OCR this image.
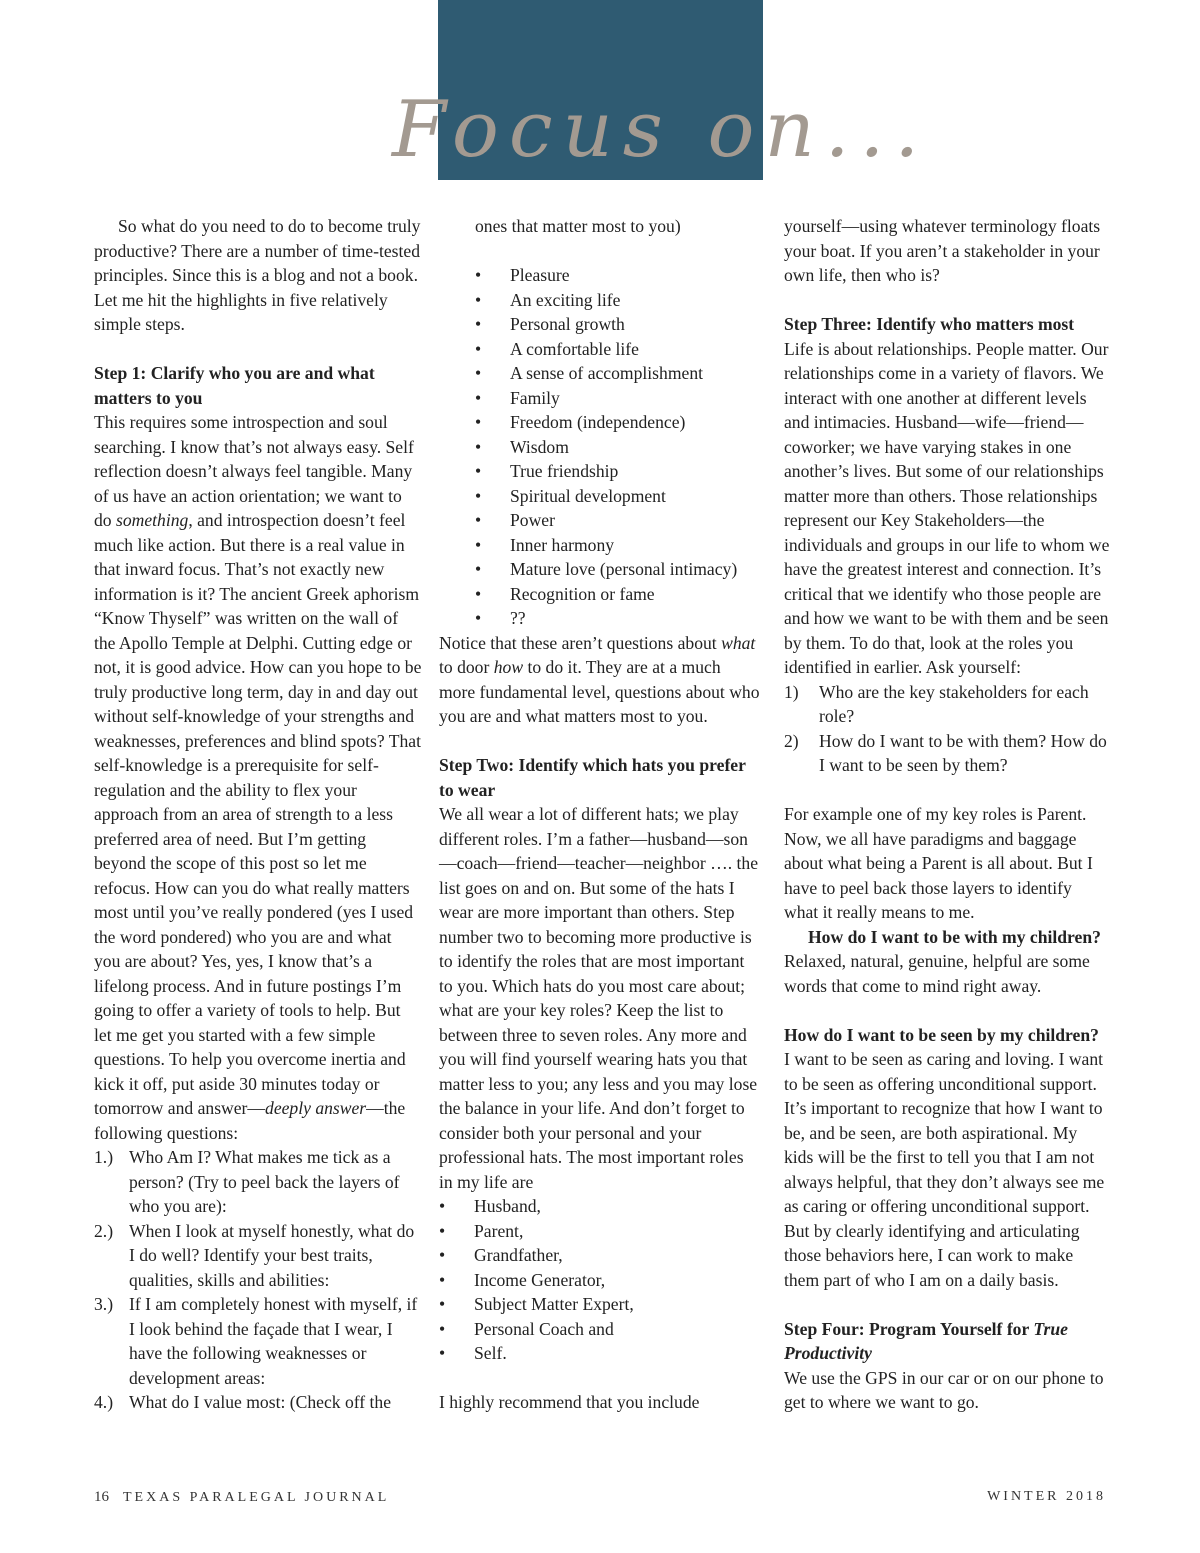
Focus on...

So what do you need to do to become truly productive? There are a number of time-tested principles. Since this is a blog and not a book. Let me hit the highlights in five relatively simple steps.

Step 1: Clarify who you are and what matters to you

This requires some introspection and soul searching. I know that’s not always easy. Self reflection doesn’t always feel tangible. Many of us have an action orientation; we want to do something, and introspection doesn’t feel much like action. But there is a real value in that inward focus. That’s not exactly new information is it? The ancient Greek aphorism “Know Thyself” was written on the wall of the Apollo Temple at Delphi. Cutting edge or not, it is good advice. How can you hope to be truly productive long term, day in and day out without self-knowledge of your strengths and weaknesses, preferences and blind spots? That self-knowledge is a prerequisite for self-regulation and the ability to flex your approach from an area of strength to a less preferred area of need. But I’m getting beyond the scope of this post so let me refocus. How can you do what really matters most until you’ve really pondered (yes I used the word pondered) who you are and what you are about? Yes, yes, I know that’s a lifelong process. And in future postings I’m going to offer a variety of tools to help. But let me get you started with a few simple questions. To help you overcome inertia and kick it off, put aside 30 minutes today or tomorrow and answer—deeply answer—the following questions:

1.) Who Am I? What makes me tick as a person? (Try to peel back the layers of who you are):
2.) When I look at myself honestly, what do I do well? Identify your best traits, qualities, skills and abilities:
3.) If I am completely honest with myself, if I look behind the façade that I wear, I have the following weaknesses or development areas:
4.) What do I value most: (Check off the

ones that matter most to you)

• Pleasure
• An exciting life
• Personal growth
• A comfortable life
• A sense of accomplishment
• Family
• Freedom (independence)
• Wisdom
• True friendship
• Spiritual development
• Power
• Inner harmony
• Mature love (personal intimacy)
• Recognition or fame
• ??

Notice that these aren’t questions about what to door how to do it. They are at a much more fundamental level, questions about who you are and what matters most to you.

Step Two: Identify which hats you prefer to wear

We all wear a lot of different hats; we play different roles. I’m a father—husband—son—coach—friend—teacher—neighbor …. the list goes on and on. But some of the hats I wear are more important than others. Step number two to becoming more productive is to identify the roles that are most important to you. Which hats do you most care about; what are your key roles? Keep the list to between three to seven roles. Any more and you will find yourself wearing hats you that matter less to you; any less and you may lose the balance in your life. And don’t forget to consider both your personal and your professional hats. The most important roles in my life are

• Husband,
• Parent,
• Grandfather,
• Income Generator,
• Subject Matter Expert,
• Personal Coach and
• Self.

I highly recommend that you include

yourself—using whatever terminology floats your boat. If you aren’t a stakeholder in your own life, then who is?

Step Three: Identify who matters most

Life is about relationships. People matter. Our relationships come in a variety of flavors. We interact with one another at different levels and intimacies. Husband—wife—friend—coworker; we have varying stakes in one another’s lives. But some of our relationships matter more than others. Those relationships represent our Key Stakeholders—the individuals and groups in our life to whom we have the greatest interest and connection. It’s critical that we identify who those people are and how we want to be with them and be seen by them. To do that, look at the roles you identified in earlier. Ask yourself:

1) Who are the key stakeholders for each role?
2) How do I want to be with them? How do I want to be seen by them?

For example one of my key roles is Parent. Now, we all have paradigms and baggage about what being a Parent is all about. But I have to peel back those layers to identify what it really means to me.

How do I want to be with my children?

Relaxed, natural, genuine, helpful are some words that come to mind right away.

How do I want to be seen by my children?

I want to be seen as caring and loving. I want to be seen as offering unconditional support. It’s important to recognize that how I want to be, and be seen, are both aspirational. My kids will be the first to tell you that I am not always helpful, that they don’t always see me as caring or offering unconditional support. But by clearly identifying and articulating those behaviors here, I can work to make them part of who I am on a daily basis.

Step Four: Program Yourself for True Productivity

We use the GPS in our car or on our phone to get to where we want to go.

16 TEXAS PARALEGAL JOURNAL	WINTER 2018
